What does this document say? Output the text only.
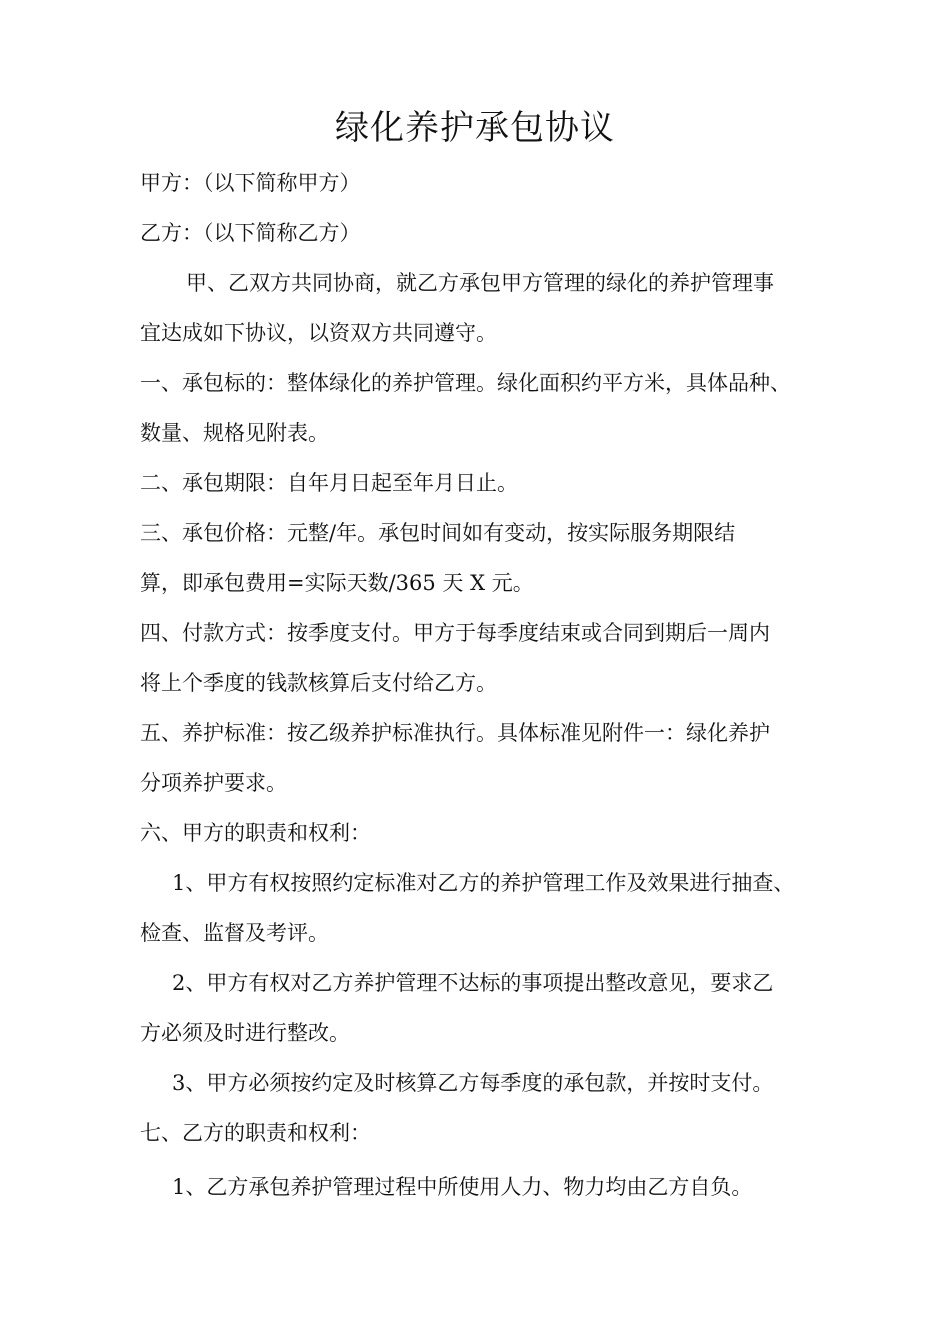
绿化养护承包协议
甲方：（以下简称甲方）
乙方：（以下简称乙方）
甲、乙双方共同协商，就乙方承包甲方管理的绿化的养护管理事
宜达成如下协议，以资双方共同遵守。
一、承包标的：整体绿化的养护管理。绿化面积约平方米，具体品种、
数量、规格见附表。
二、承包期限：自年月日起至年月日止。
三、承包价格：元整/年。承包时间如有变动，按实际服务期限结
算，即承包费用=实际天数/365 天 X 元。
四、付款方式：按季度支付。甲方于每季度结束或合同到期后一周内
将上个季度的钱款核算后支付给乙方。
五、养护标准：按乙级养护标准执行。具体标准见附件一：绿化养护
分项养护要求。
六、甲方的职责和权利：
1、甲方有权按照约定标准对乙方的养护管理工作及效果进行抽查、
检查、监督及考评。
2、甲方有权对乙方养护管理不达标的事项提出整改意见，要求乙
方必须及时进行整改。
3、甲方必须按约定及时核算乙方每季度的承包款，并按时支付。
七、乙方的职责和权利：
1、乙方承包养护管理过程中所使用人力、物力均由乙方自负。
